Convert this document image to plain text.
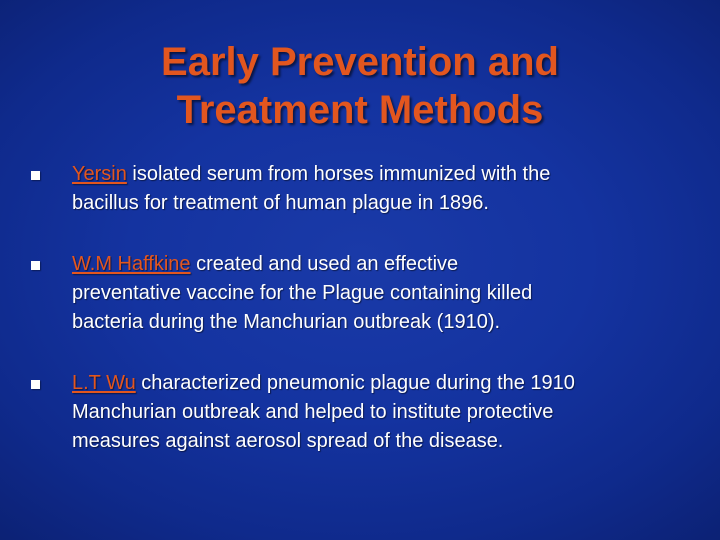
Early Prevention and
Treatment Methods
Yersin isolated serum from horses immunized with the
bacillus for treatment of human plague in 1896.
W.M Haffkine created and used an effective
preventative vaccine for the Plague containing killed
bacteria during the Manchurian outbreak (1910).
L.T Wu characterized pneumonic plague during the 1910
Manchurian outbreak and helped to institute protective
measures against aerosol spread of the disease.
